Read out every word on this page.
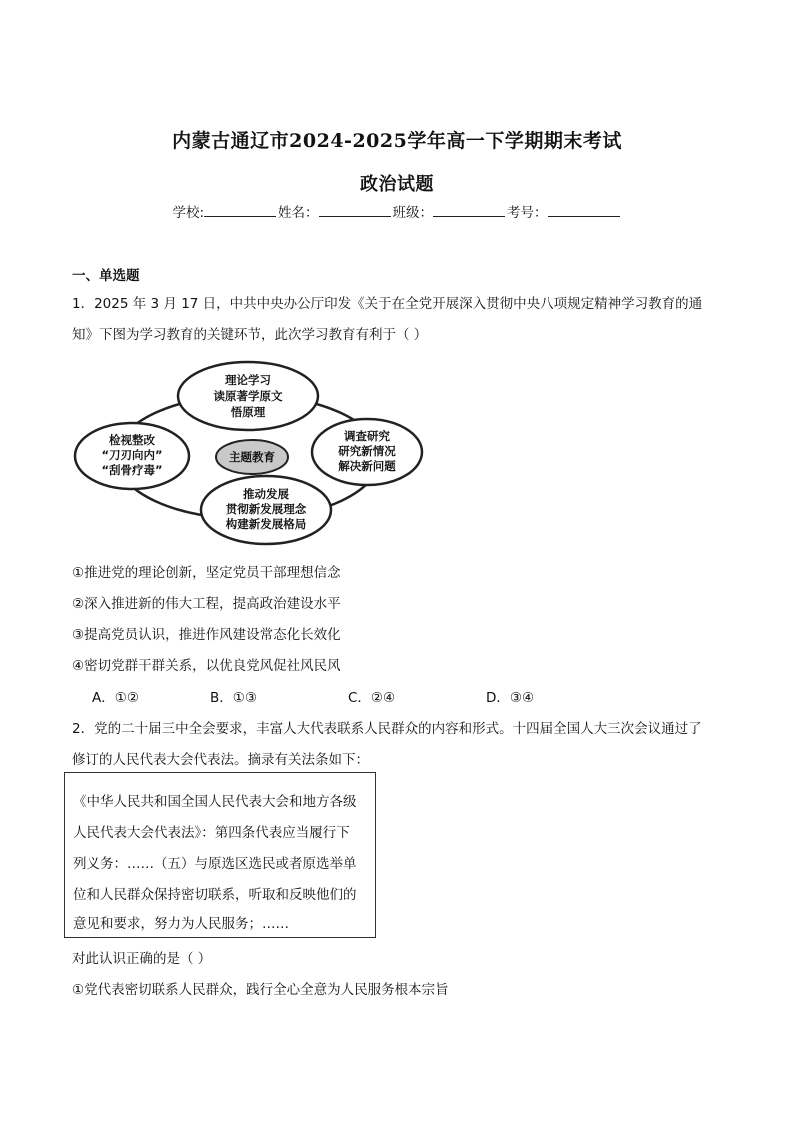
内蒙古通辽市2024-2025学年高一下学期期末考试
政治试题
学校:	姓名：	班级：	考号：
一、单选题
1．2025 年 3 月 17 日，中共中央办公厅印发《关于在全党开展深入贯彻中央八项规定精神学习教育的通
知》下图为学习教育的关键环节，此次学习教育有利于（ ）
主题教育
理论学习
读原著学原文
悟原理
检视整改
“刀刃向内”
“刮骨疗毒”
调查研究
研究新情况
解决新问题
推动发展
贯彻新发展理念
构建新发展格局
①推进党的理论创新，坚定党员干部理想信念
②深入推进新的伟大工程，提高政治建设水平
③提高党员认识，推进作风建设常态化长效化
④密切党群干群关系，以优良党风促社风民风
A．①②	B．①③	C．②④	D．③④
2．党的二十届三中全会要求，丰富人大代表联系人民群众的内容和形式。十四届全国人大三次会议通过了
修订的人民代表大会代表法。摘录有关法条如下：
《中华人民共和国全国人民代表大会和地方各级
人民代表大会代表法》：第四条代表应当履行下
列义务：……（五）与原选区选民或者原选举单
位和人民群众保持密切联系，听取和反映他们的
意见和要求，努力为人民服务；……
对此认识正确的是（ ）
①党代表密切联系人民群众，践行全心全意为人民服务根本宗旨
